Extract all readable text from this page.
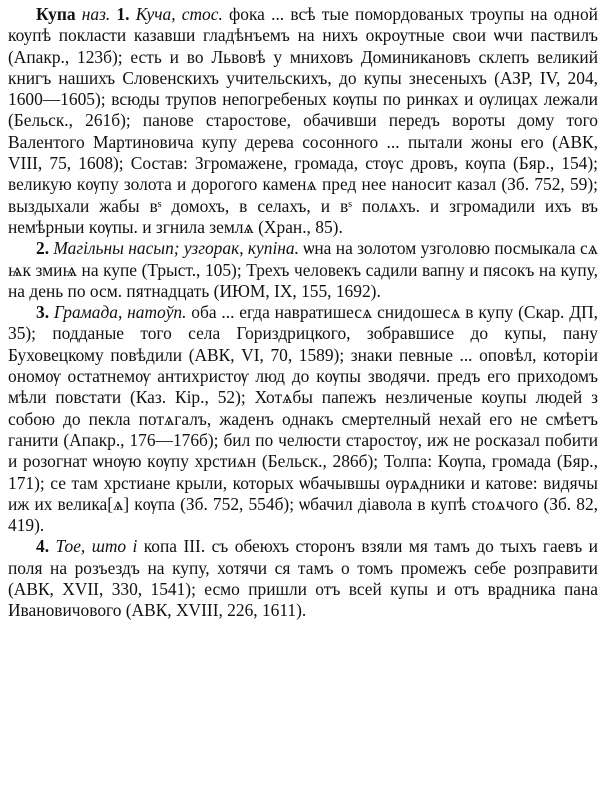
Купа наз. 1. Куча, стос. фока ... всѣ тые помордованых троупы на одной коупѣ покласти казавши гладѣнъемъ на нихъ окроутные свои ѡчи паствилъ (Апакр., 123б); есть и во Львовѣ у мниховъ Доминикановъ склепъ великий книгъ нашихъ Словенскихъ учительскихъ, до купы знесеныхъ (АЗР, IV, 204, 1600—1605); всюды трупов непогребеных кѹпы по ринках и ѹлицах лежали (Бельск., 261б); панове старостове, обачивши передъ вороты дому того Валентого Мартиновича купу дерева сосонного ... пытали жоны его (АВК, VIII, 75, 1608); Состав: Згромажене, громада, стѹс дровъ, кѹпа (Бяр., 154); великую кѹпу золота и дорогого каменѧ пред нее наносит казал (Зб. 752, 59); выздыхали жабы вˢ домохъ, в селахъ, и вˢ полѧхъ. и згромадили ихъ въ немѣрныи кѹпы. и згнила землѧ (Хран., 85).

2. Магільны насып; узгорак, купіна. ѡна на золотом узголовю посмыкала сѧ ѩк змиѩ на купе (Трыст., 105); Трехъ человекъ садили вапну и пясокъ на купу, на день по осм. пятнадцать (ИЮМ, IX, 155, 1692).

3. Грамада, натоўп. оба ... егда навратишесѧ снидошесѧ в купу (Скар. ДП, 35); подданые того села Гориздрицкого, зобравшисе до купы, пану Буховецкому повѣдили (АВК, VI, 70, 1589); знаки певные ... оповѣл, которіи ономѹ остатнемѹ антихристѹ люд до кѹпы зводячи. предъ его приходомъ мѣли повстати (Каз. Кір., 52); Хотѧбы папежъ незличеные коупы людей з собою до пекла потѧгалъ, жаденъ однакъ смертелный нехай его не смѣетъ ганити (Апакр., 176—176б); бил по челюсти старостѹ, иж не росказал побити и розогнат ѡнѹю кѹпу хрстиѧн (Бельск., 286б); Толпа: Кѹпа, громада (Бяр., 171); се там хрстиане крыли, которых ѡбачывшы ѹрѧдники и катове: видячы иж их велика[ѧ] кѹпа (Зб. 752, 554б); ѡбачил діавола в купѣ стоѧчого (Зб. 82, 419).

4. Тое, што і копа III. съ обеюхъ сторонъ взяли мя тамъ до тыхъ гаевъ и поля на розъездъ на купу, хотячи ся тамъ о томъ промежъ себе розправити (АВК, XVII, 330, 1541); есмо пришли отъ всей купы и отъ врадника пана Ивановичового (АВК, XVIII, 226, 1611).
